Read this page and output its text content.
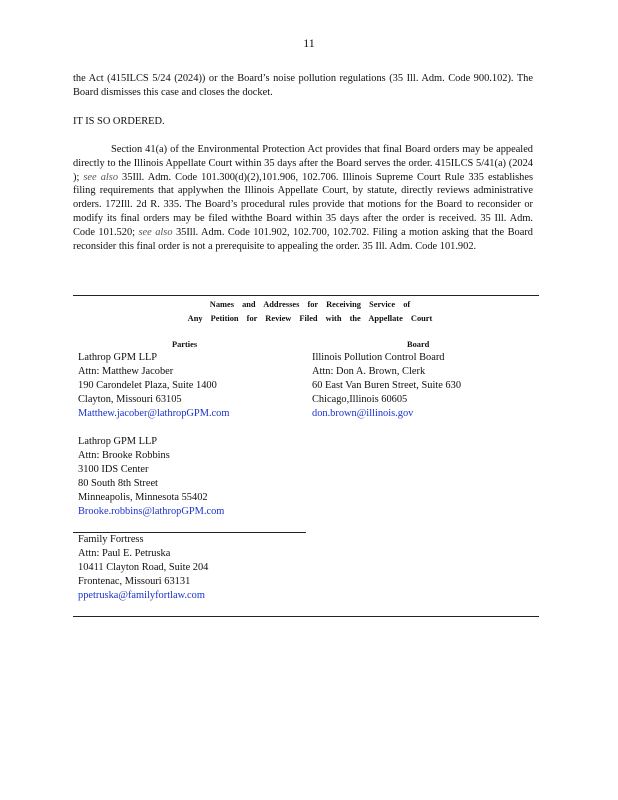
11
the Act (415ILCS 5/24 (2024)) or the Board’s noise pollution regulations (35 Ill. Adm. Code 900.102). The Board dismisses this case and closes the docket.
IT IS SO ORDERED.
Section 41(a) of the Environmental Protection Act provides that final Board orders may be appealed directly to the Illinois Appellate Court within 35 days after the Board serves the order. 415ILCS 5/41(a) (2024 ); see also 35Ill. Adm. Code 101.300(d)(2),101.906, 102.706. Illinois Supreme Court Rule 335 establishes filing requirements that applywhen the Illinois Appellate Court, by statute, directly reviews administrative orders. 172Ill. 2d R. 335. The Board’s procedural rules provide that motions for the Board to reconsider or modify its final orders may be filed withthe Board within 35 days after the order is received. 35 Ill. Adm. Code 101.520; see also 35Ill. Adm. Code 101.902, 102.700, 102.702. Filing a motion asking that the Board reconsider this final order is not a prerequisite to appealing the order. 35 Ill. Adm. Code 101.902.
Names and Addresses for Receiving Service of
Any Petition for Review Filed with the Appellate Court
Parties	Board
Lathrop GPM LLP
Attn: Matthew Jacober
190 Carondelet Plaza, Suite 1400
Clayton, Missouri 63105
Matthew.jacober@lathropGPM.com
Illinois Pollution Control Board
Attn: Don A. Brown, Clerk
60 East Van Buren Street, Suite 630
Chicago,Illinois 60605
don.brown@illinois.gov
Lathrop GPM LLP
Attn: Brooke Robbins
3100 IDS Center
80 South 8th Street
Minneapolis, Minnesota 55402
Brooke.robbins@lathropGPM.com
Family Fortress
Attn: Paul E. Petruska
10411 Clayton Road, Suite 204
Frontenac, Missouri 63131
ppetruska@familyfortlaw.com
